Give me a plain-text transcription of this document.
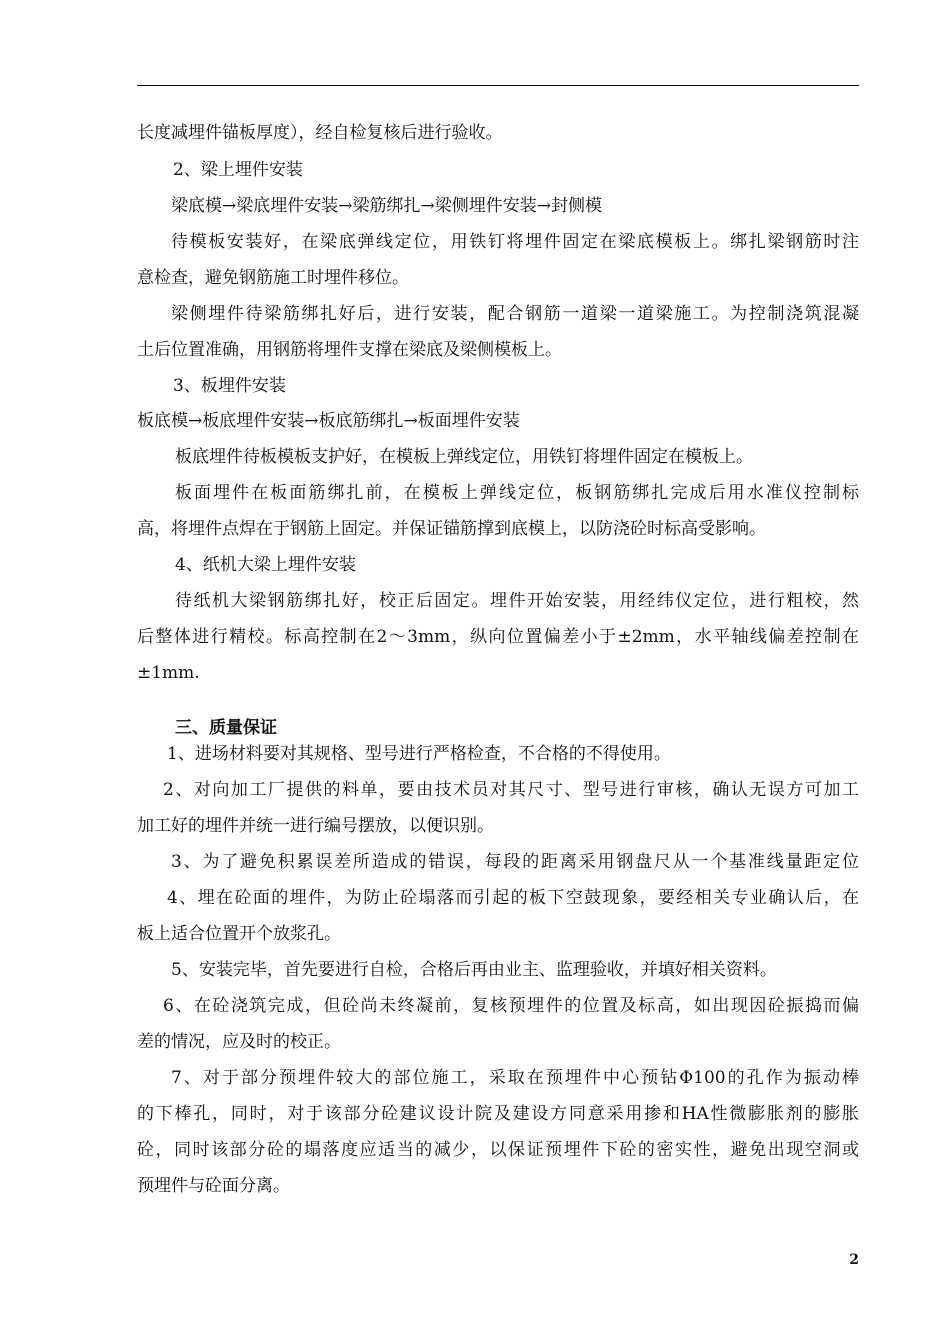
长度减埋件锚板厚度），经自检复核后进行验收。
2、梁上埋件安装
梁底模→梁底埋件安装→梁筋绑扎→梁侧埋件安装→封侧模
待模板安装好，在梁底弹线定位，用铁钉将埋件固定在梁底模板上。绑扎梁钢筋时注
意检查，避免钢筋施工时埋件移位。
梁侧埋件待梁筋绑扎好后，进行安装，配合钢筋一道梁一道梁施工。为控制浇筑混凝
土后位置准确，用钢筋将埋件支撑在梁底及梁侧模板上。
3、板埋件安装
板底模→板底埋件安装→板底筋绑扎→板面埋件安装
板底埋件待板模板支护好，在模板上弹线定位，用铁钉将埋件固定在模板上。
板面埋件在板面筋绑扎前，在模板上弹线定位，板钢筋绑扎完成后用水准仪控制标
高，将埋件点焊在于钢筋上固定。并保证锚筋撑到底模上，以防浇砼时标高受影响。
4、纸机大梁上埋件安装
待纸机大梁钢筋绑扎好，校正后固定。埋件开始安装，用经纬仪定位，进行粗校，然
后整体进行精校。标高控制在2～3mm，纵向位置偏差小于±2mm，水平轴线偏差控制在
±1mm.
三、质量保证
1、进场材料要对其规格、型号进行严格检查，不合格的不得使用。
2、对向加工厂提供的料单，要由技术员对其尺寸、型号进行审核，确认无误方可加工
加工好的埋件并统一进行编号摆放，以便识别。
3、为了避免积累误差所造成的错误，每段的距离采用钢盘尺从一个基准线量距定位
4、埋在砼面的埋件，为防止砼塌落而引起的板下空鼓现象，要经相关专业确认后，在
板上适合位置开个放浆孔。
5、安装完毕，首先要进行自检，合格后再由业主、监理验收，并填好相关资料。
6、在砼浇筑完成，但砼尚未终凝前，复核预埋件的位置及标高，如出现因砼振捣而偏
差的情况，应及时的校正。
7、对于部分预埋件较大的部位施工，采取在预埋件中心预钻Φ100的孔作为振动棒
的下棒孔，同时，对于该部分砼建议设计院及建设方同意采用掺和HA性微膨胀剂的膨胀
砼，同时该部分砼的塌落度应适当的减少，以保证预埋件下砼的密实性，避免出现空洞或
预埋件与砼面分离。
2
